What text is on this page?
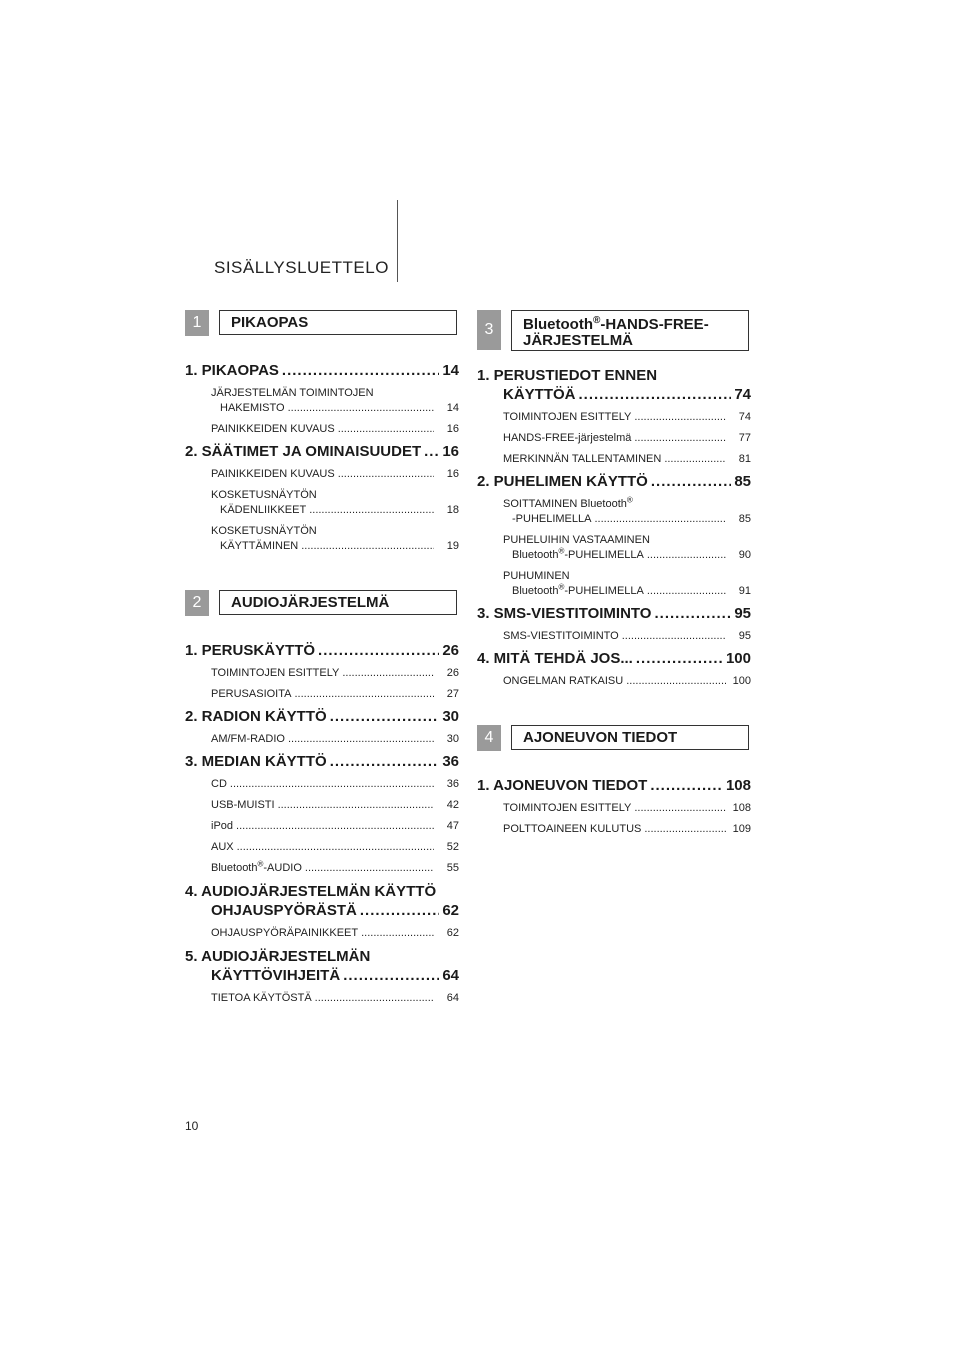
SISÄLLYSLUETTELO
1	PIKAOPAS
1. PIKAOPAS .....	14
JÄRJESTELMÄN TOIMINTOJEN
HAKEMISTO .....	14
PAINIKKEIDEN KUVAUS .....	16
2. SÄÄTIMET JA OMINAISUUDET ..... 16
PAINIKKEIDEN KUVAUS .....	16
KOSKETUSNÄYTÖN
KÄDENLIIKKEET .....	18
KOSKETUSNÄYTÖN
KÄYTTÄMINEN .....	19
2	AUDIOJÄRJESTELMÄ
1. PERUSKÄYTTÖ .....	26
TOIMINTOJEN ESITTELY .....	26
PERUSASIOITA .....	27
2. RADION KÄYTTÖ .....	30
AM/FM-RADIO .....	30
3. MEDIAN KÄYTTÖ .....	36
CD .....	36
USB-MUISTI .....	42
iPod .....	47
AUX .....	52
Bluetooth®-AUDIO .....	55
4. AUDIOJÄRJESTELMÄN KÄYTTÖ
OHJAUSPYÖRÄSTÄ .....	62
OHJAUSPYÖRÄPAINIKKEET .....	62
5. AUDIOJÄRJESTELMÄN
KÄYTTÖVIHJEITÄ .....	64
TIETOA KÄYTÖSTÄ .....	64
3	Bluetooth®-HANDS-FREE-
JÄRJESTELMÄ
1. PERUSTIEDOT ENNEN
KÄYTTÖÄ .....	74
TOIMINTOJEN ESITTELY .....	74
HANDS-FREE-järjestelmä .....	77
MERKINNÄN TALLENTAMINEN .....	81
2. PUHELIMEN KÄYTTÖ .....	85
SOITTAMINEN Bluetooth®
-PUHELIMELLA .....	85
PUHELUIHIN VASTAAMINEN
Bluetooth®-PUHELIMELLA .....	90
PUHUMINEN
Bluetooth®-PUHELIMELLA .....	91
3. SMS-VIESTITOIMINTO .....	95
SMS-VIESTITOIMINTO .....	95
4. MITÄ TEHDÄ JOS... .....	100
ONGELMAN RATKAISU .....	100
4	AJONEUVON TIEDOT
1. AJONEUVON TIEDOT .....	108
TOIMINTOJEN ESITTELY .....	108
POLTTOAINEEN KULUTUS .....	109
10
